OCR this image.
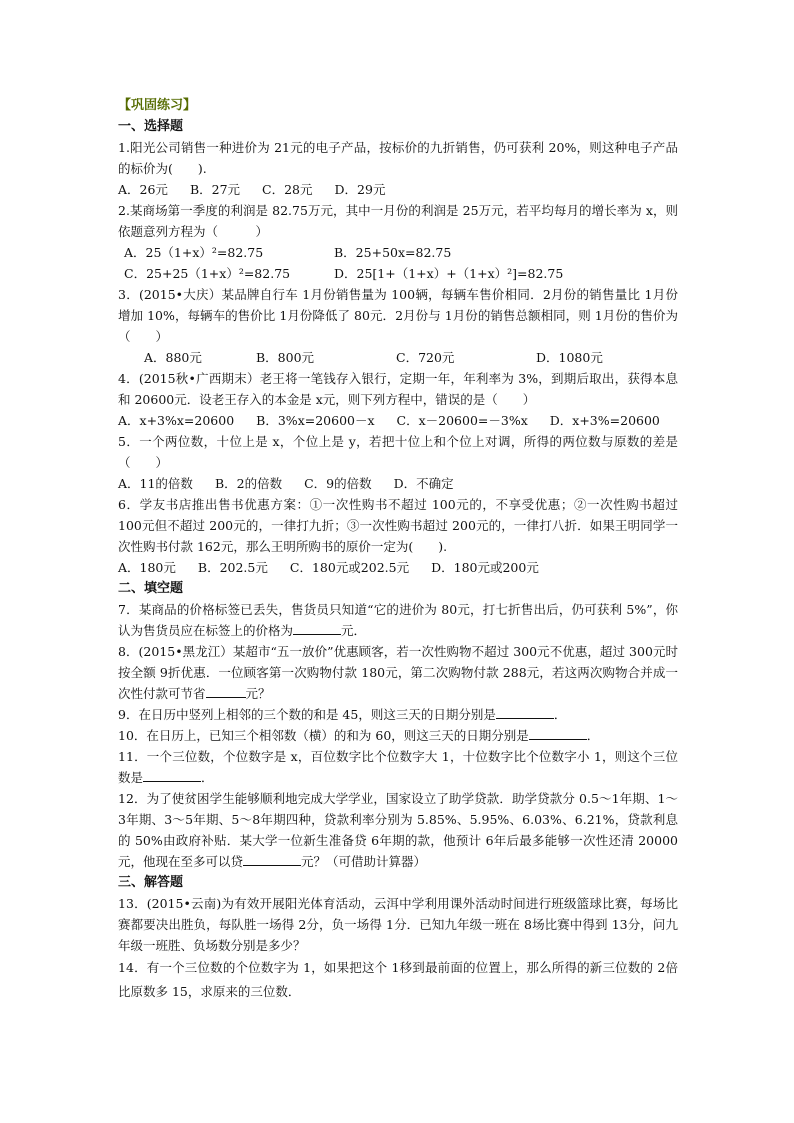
【巩固练习】
一、选择题
1.阳光公司销售一种进价为 21元的电子产品，按标价的九折销售，仍可获利 20%，则这种电子产品的标价为(　　).
A．26元 B．27元 C．28元 D．29元
2.某商场第一季度的利润是 82.75万元，其中一月份的利润是 25万元，若平均每月的增长率为 x，则依题意列方程为（　　　）
A．25（1+x）²=82.75	B．25+50x=82.75
C．25+25（1+x）²=82.75	D．25[1+（1+x）+（1+x）²]=82.75
3．(2015•大庆）某品牌自行车 1月份销售量为 100辆，每辆车售价相同．2月份的销售量比 1月份增加 10%，每辆车的售价比 1月份降低了 80元．2月份与 1月份的销售总额相同，则 1月份的售价为（　　）
A．880元	B．800元	C．720元	D．1080元
4．(2015秋•广西期末）老王将一笔钱存入银行，定期一年，年利率为 3%，到期后取出，获得本息和 20600元．设老王存入的本金是 x元，则下列方程中，错误的是（　　）
A．x+3%x=20600 B．3%x=20600－x C．x－20600=－3%x D．x+3%=20600
5．一个两位数，十位上是 x，个位上是 y，若把十位上和个位上对调，所得的两位数与原数的差是（　　）
A．11的倍数 B．2的倍数 C．9的倍数 D．不确定
6．学友书店推出售书优惠方案：①一次性购书不超过 100元的，不享受优惠；②一次性购书超过 100元但不超过 200元的，一律打九折；③一次性购书超过 200元的，一律打八折．如果王明同学一次性购书付款 162元，那么王明所购书的原价一定为(　　).
A．180元 B．202.5元 C．180元或202.5元 D．180元或200元
二、填空题
7．某商品的价格标签已丢失，售货员只知道“它的进价为 80元，打七折售出后，仍可获利 5%”，你认为售货员应在标签上的价格为	元．
8．(2015•黑龙江）某超市“五一放价”优惠顾客，若一次性购物不超过 300元不优惠，超过 300元时按全额 9折优惠．一位顾客第一次购物付款 180元，第二次购物付款 288元，若这两次购物合并成一次性付款可节省	元？
9．在日历中竖列上相邻的三个数的和是 45，则这三天的日期分别是	．
10．在日历上，已知三个相邻数（横）的和为 60，则这三天的日期分别是	．
11．一个三位数，个位数字是 x，百位数字比个位数字大 1，十位数字比个位数字小 1，则这个三位数是	．
12．为了使贫困学生能够顺利地完成大学学业，国家设立了助学贷款．助学贷款分 0.5～1年期、1～3年期、3～5年期、5～8年期四种，贷款利率分别为 5.85%、5.95%、6.03%、6.21%，贷款利息的 50%由政府补贴．某大学一位新生准备贷 6年期的款，他预计 6年后最多能够一次性还清 20000元，他现在至多可以贷	元？（可借助计算器）
三、解答题
13．(2015•云南)为有效开展阳光体育活动，云洱中学利用课外活动时间进行班级篮球比赛，每场比赛都要决出胜负，每队胜一场得 2分，负一场得 1分．已知九年级一班在 8场比赛中得到 13分，问九年级一班胜、负场数分别是多少？
14．有一个三位数的个位数字为 1，如果把这个 1移到最前面的位置上，那么所得的新三位数的 2倍比原数多 15，求原来的三位数．
